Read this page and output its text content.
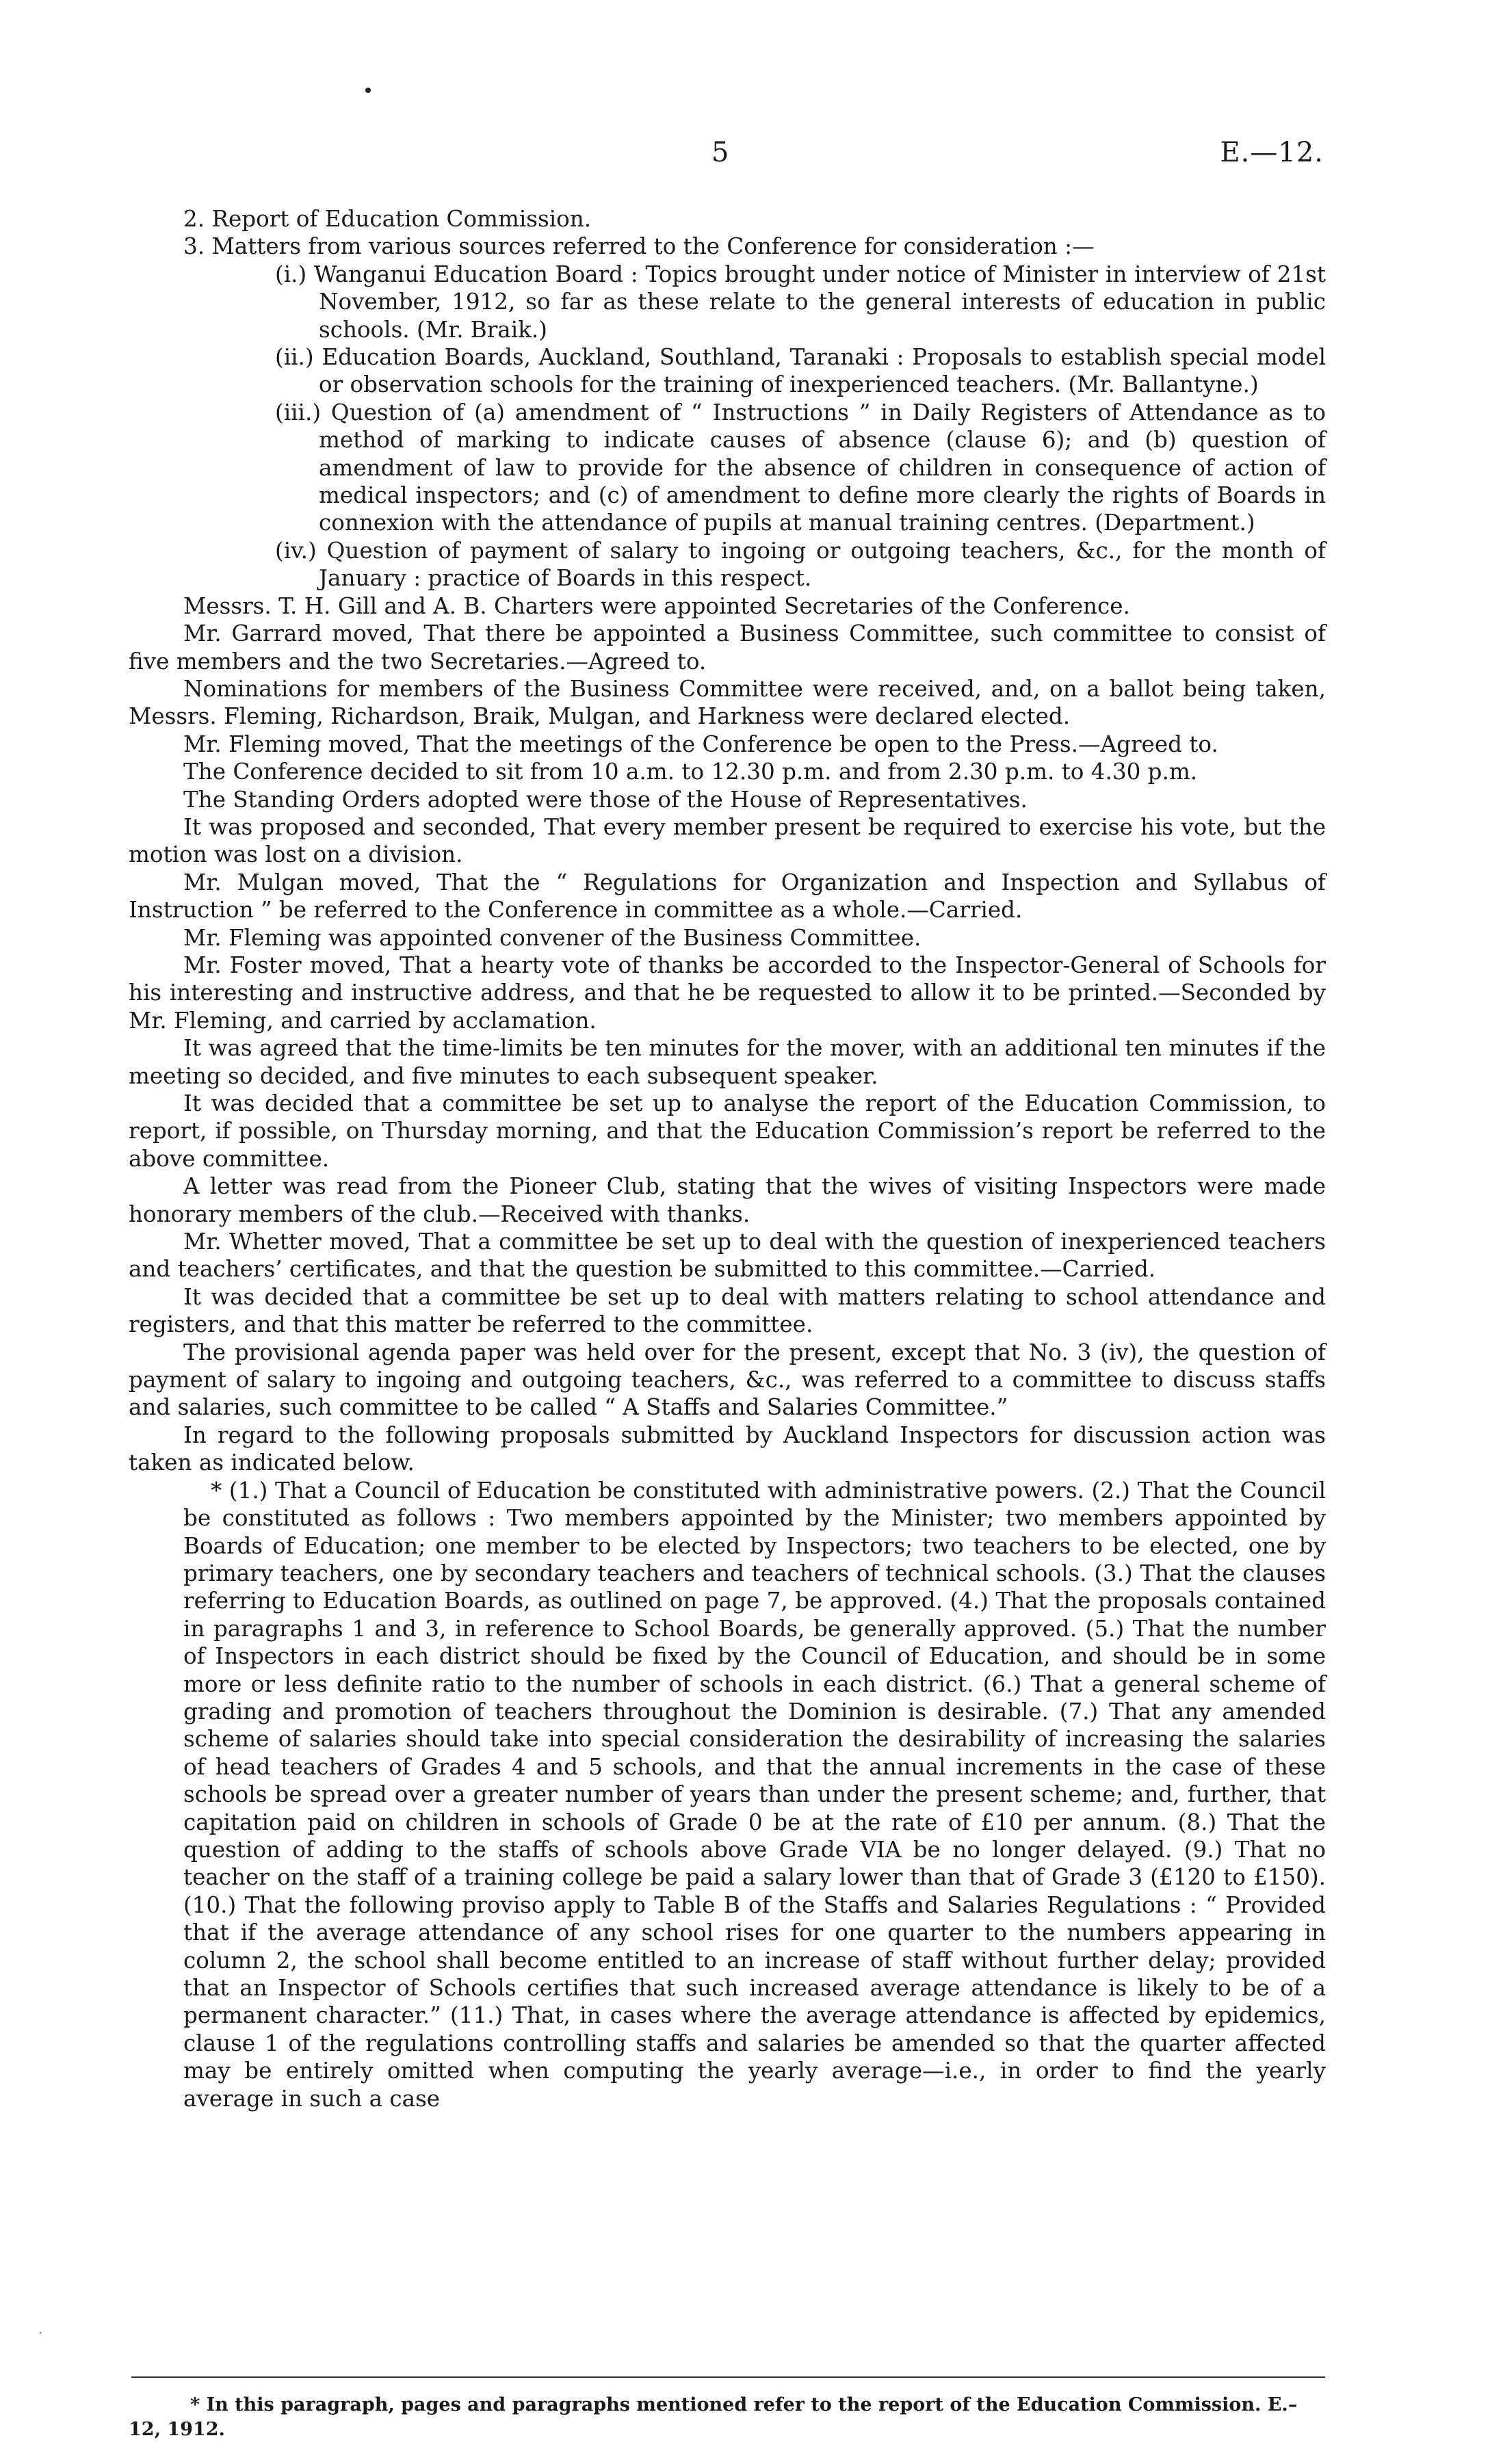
5	E.—12.

2. Report of Education Commission.

3. Matters from various sources referred to the Conference for consideration :—

(i.) Wanganui Education Board : Topics brought under notice of Minister in interview of 21st November, 1912, so far as these relate to the general interests of education in public schools. (Mr. Braik.)

(ii.) Education Boards, Auckland, Southland, Taranaki : Proposals to establish special model or observation schools for the training of inexperienced teachers. (Mr. Ballantyne.)

(iii.) Question of (a) amendment of “ Instructions ” in Daily Registers of Attendance as to method of marking to indicate causes of absence (clause 6); and (b) question of amendment of law to provide for the absence of children in consequence of action of medical inspectors; and (c) of amendment to define more clearly the rights of Boards in connexion with the attendance of pupils at manual training centres. (Department.)

(iv.) Question of payment of salary to ingoing or outgoing teachers, &c., for the month of January : practice of Boards in this respect.

Messrs. T. H. Gill and A. B. Charters were appointed Secretaries of the Conference.

Mr. Garrard moved, That there be appointed a Business Committee, such committee to consist of five members and the two Secretaries.—Agreed to.

Nominations for members of the Business Committee were received, and, on a ballot being taken, Messrs. Fleming, Richardson, Braik, Mulgan, and Harkness were declared elected.

Mr. Fleming moved, That the meetings of the Conference be open to the Press.—Agreed to.

The Conference decided to sit from 10 a.m. to 12.30 p.m. and from 2.30 p.m. to 4.30 p.m.

The Standing Orders adopted were those of the House of Representatives.

It was proposed and seconded, That every member present be required to exercise his vote, but the motion was lost on a division.

Mr. Mulgan moved, That the “ Regulations for Organization and Inspection and Syllabus of Instruction ” be referred to the Conference in committee as a whole.—Carried.

Mr. Fleming was appointed convener of the Business Committee.

Mr. Foster moved, That a hearty vote of thanks be accorded to the Inspector-General of Schools for his interesting and instructive address, and that he be requested to allow it to be printed.—Seconded by Mr. Fleming, and carried by acclamation.

It was agreed that the time-limits be ten minutes for the mover, with an additional ten minutes if the meeting so decided, and five minutes to each subsequent speaker.

It was decided that a committee be set up to analyse the report of the Education Commission, to report, if possible, on Thursday morning, and that the Education Commission’s report be referred to the above committee.

A letter was read from the Pioneer Club, stating that the wives of visiting Inspectors were made honorary members of the club.—Received with thanks.

Mr. Whetter moved, That a committee be set up to deal with the question of inexperienced teachers and teachers’ certificates, and that the question be submitted to this committee.—Carried.

It was decided that a committee be set up to deal with matters relating to school attendance and registers, and that this matter be referred to the committee.

The provisional agenda paper was held over for the present, except that No. 3 (iv), the question of payment of salary to ingoing and outgoing teachers, &c., was referred to a committee to discuss staffs and salaries, such committee to be called “ A Staffs and Salaries Committee.”

In regard to the following proposals submitted by Auckland Inspectors for discussion action was taken as indicated below.

* (1.) That a Council of Education be constituted with administrative powers. (2.) That the Council be constituted as follows : Two members appointed by the Minister; two members appointed by Boards of Education; one member to be elected by Inspectors; two teachers to be elected, one by primary teachers, one by secondary teachers and teachers of technical schools. (3.) That the clauses referring to Education Boards, as outlined on page 7, be approved. (4.) That the proposals contained in paragraphs 1 and 3, in reference to School Boards, be generally approved. (5.) That the number of Inspectors in each district should be fixed by the Council of Education, and should be in some more or less definite ratio to the number of schools in each district. (6.) That a general scheme of grading and promotion of teachers throughout the Dominion is desirable. (7.) That any amended scheme of salaries should take into special consideration the desirability of increasing the salaries of head teachers of Grades 4 and 5 schools, and that the annual increments in the case of these schools be spread over a greater number of years than under the present scheme; and, further, that capitation paid on children in schools of Grade 0 be at the rate of £10 per annum. (8.) That the question of adding to the staffs of schools above Grade VIA be no longer delayed. (9.) That no teacher on the staff of a training college be paid a salary lower than that of Grade 3 (£120 to £150). (10.) That the following proviso apply to Table B of the Staffs and Salaries Regulations : “ Provided that if the average attendance of any school rises for one quarter to the numbers appearing in column 2, the school shall become entitled to an increase of staff without further delay; provided that an Inspector of Schools certifies that such increased average attendance is likely to be of a permanent character.” (11.) That, in cases where the average attendance is affected by epidemics, clause 1 of the regulations controlling staffs and salaries be amended so that the quarter affected may be entirely omitted when computing the yearly average—i.e., in order to find the yearly average in such a case

·
* In this paragraph, pages and paragraphs mentioned refer to the report of the Education Commission. E.–12, 1912.
